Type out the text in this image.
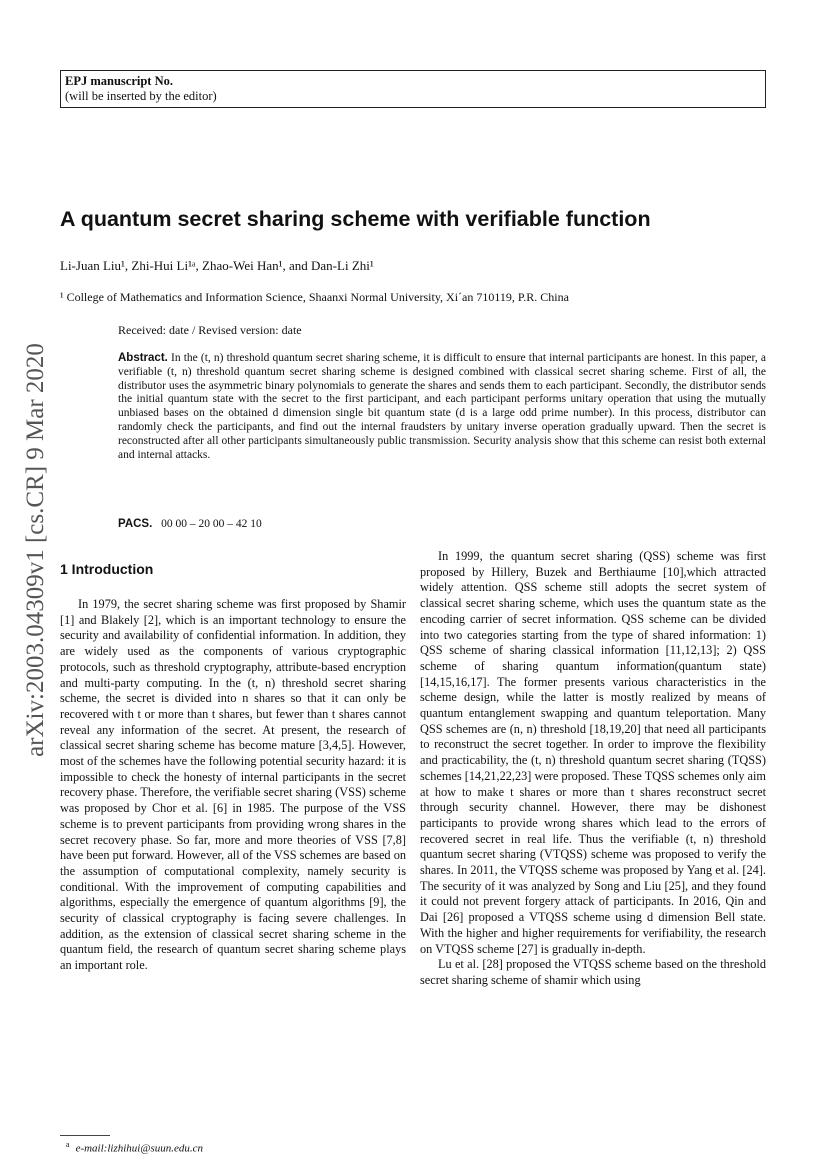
EPJ manuscript No.
(will be inserted by the editor)
A quantum secret sharing scheme with verifiable function
Li-Juan Liu¹, Zhi-Hui Li¹ᵃ, Zhao-Wei Han¹, and Dan-Li Zhi¹
¹ College of Mathematics and Information Science, Shaanxi Normal University, Xi´an 710119, P.R. China
Received: date / Revised version: date
Abstract. In the (t, n) threshold quantum secret sharing scheme, it is difficult to ensure that internal participants are honest. In this paper, a verifiable (t, n) threshold quantum secret sharing scheme is designed combined with classical secret sharing scheme. First of all, the distributor uses the asymmetric binary polynomials to generate the shares and sends them to each participant. Secondly, the distributor sends the initial quantum state with the secret to the first participant, and each participant performs unitary operation that using the mutually unbiased bases on the obtained d dimension single bit quantum state (d is a large odd prime number). In this process, distributor can randomly check the participants, and find out the internal fraudsters by unitary inverse operation gradually upward. Then the secret is reconstructed after all other participants simultaneously public transmission. Security analysis show that this scheme can resist both external and internal attacks.
PACS. 00 00 – 20 00 – 42 10
arXiv:2003.04309v1 [cs.CR] 9 Mar 2020 1 Introduction

In 1979, the secret sharing scheme was first proposed by Shamir [1] and Blakely [2], which is an important technology to ensure the security and availability of confidential information. In addition, they are widely used as the components of various cryptographic protocols, such as threshold cryptography, attribute-based encryption and multi-party computing. In the (t, n) threshold secret sharing scheme, the secret is divided into n shares so that it can only be recovered with t or more than t shares, but fewer than t shares cannot reveal any information of the secret. At present, the research of classical secret sharing scheme has become mature [3,4,5]. However, most of the schemes have the following potential security hazard: it is impossible to check the honesty of internal participants in the secret recovery phase. Therefore, the verifiable secret sharing (VSS) scheme was proposed by Chor et al. [6] in 1985. The purpose of the VSS scheme is to prevent participants from providing wrong shares in the secret recovery phase. So far, more and more theories of VSS [7,8] have been put forward. However, all of the VSS schemes are based on the assumption of computational complexity, namely security is conditional. With the improvement of computing capabilities and algorithms, especially the emergence of quantum algorithms [9], the security of classical cryptography is facing severe challenges. In addition, as the extension of classical secret sharing scheme in the quantum field, the research of quantum secret sharing scheme plays an important role.

In 1999, the quantum secret sharing (QSS) scheme was first proposed by Hillery, Buzek and Berthiaume [10],which attracted widely attention. QSS scheme still adopts the secret system of classical secret sharing scheme, which uses the quantum state as the encoding carrier of secret information. QSS scheme can be divided into two categories starting from the type of shared information: 1) QSS scheme of sharing classical information [11,12,13]; 2) QSS scheme of sharing quantum information(quantum state) [14,15,16,17]. The former presents various characteristics in the scheme design, while the latter is mostly realized by means of quantum entanglement swapping and quantum teleportation. Many QSS schemes are (n, n) threshold [18,19,20] that need all participants to reconstruct the secret together. In order to improve the flexibility and practicability, the (t, n) threshold quantum secret sharing (TQSS) schemes [14,21,22,23] were proposed. These TQSS schemes only aim at how to make t shares or more than t shares reconstruct secret through security channel. However, there may be dishonest participants to provide wrong shares which lead to the errors of recovered secret in real life. Thus the verifiable (t, n) threshold quantum secret sharing (VTQSS) scheme was proposed to verify the shares. In 2011, the VTQSS scheme was proposed by Yang et al. [24]. The security of it was analyzed by Song and Liu [25], and they found it could not prevent forgery attack of participants. In 2016, Qin and Dai [26] proposed a VTQSS scheme using d dimension Bell state. With the higher and higher requirements for verifiability, the research on VTQSS scheme [27] is gradually in-depth.

Lu et al. [28] proposed the VTQSS scheme based on the threshold secret sharing scheme of shamir which using

$^a$ e-mail:lizhihui@suun.edu.cn
